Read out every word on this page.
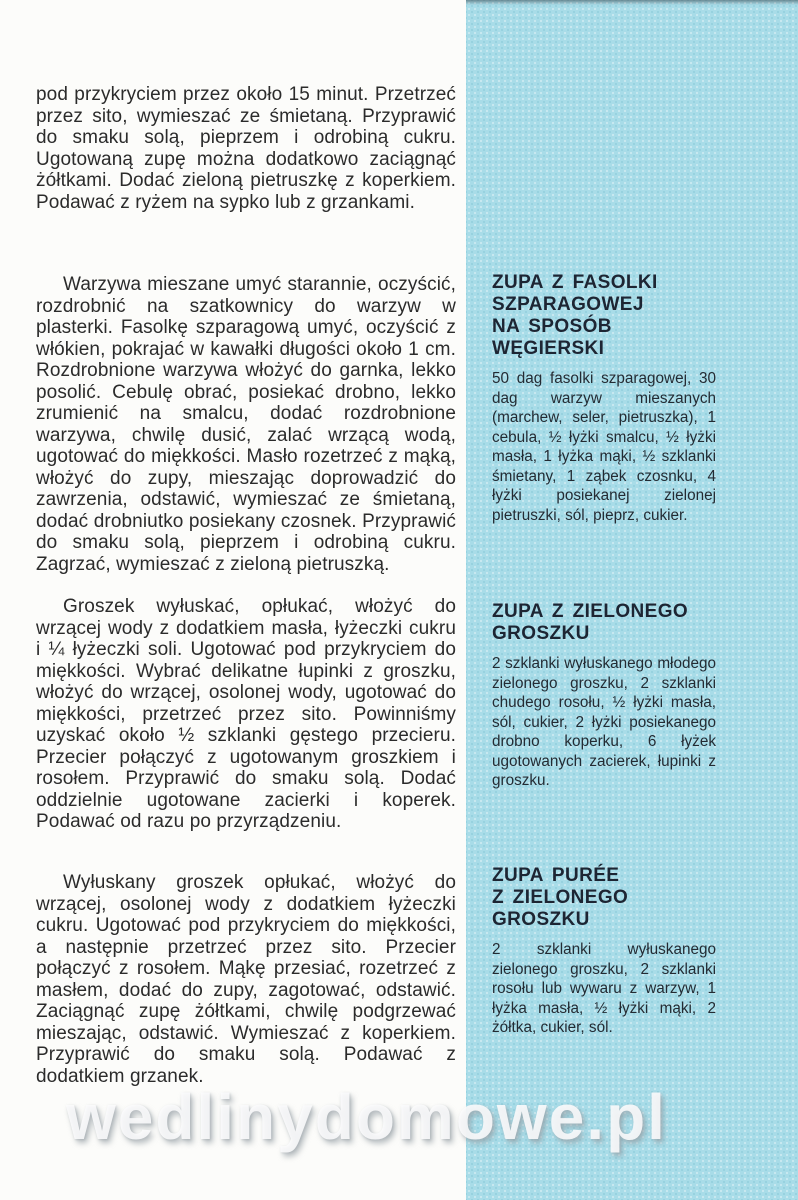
ZUPA Z FASOLKI
SZPARAGOWEJ
NA SPOSÓB
WĘGIERSKI
50 dag fasolki szparagowej, 30 dag warzyw mieszanych (marchew, seler, pietruszka), 1 cebula, ½ łyżki smalcu, ½ łyżki masła, 1 łyżka mąki, ½ szklanki śmietany, 1 ząbek czosnku, 4 łyżki posiekanej zielonej pietruszki, sól, pieprz, cukier.
ZUPA Z ZIELONEGO
GROSZKU
2 szklanki wyłuskanego młodego zielonego groszku, 2 szklanki chudego rosołu, ½ łyżki masła, sól, cukier, 2 łyżki posiekanego drobno koperku, 6 łyżek ugotowanych zacierek, łupinki z groszku.
ZUPA PURÉE
Z ZIELONEGO
GROSZKU
2 szklanki wyłuskanego zielonego groszku, 2 szklanki rosołu lub wywaru z warzyw, 1 łyżka masła, ½ łyżki mąki, 2 żółtka, cukier, sól.

pod przykryciem przez około 15 minut. Przetrzeć przez sito, wymieszać ze śmietaną. Przyprawić do smaku solą, pieprzem i odrobiną cukru. Ugotowaną zupę można dodatkowo zaciągnąć żółtkami. Dodać zieloną pietruszkę z koperkiem. Podawać z ryżem na sypko lub z grzankami.

Warzywa mieszane umyć starannie, oczyścić, rozdrobnić na szatkownicy do warzyw w plasterki. Fasolkę szparagową umyć, oczyścić z włókien, pokrajać w kawałki długości około 1 cm. Rozdrobnione warzywa włożyć do garnka, lekko posolić. Cebulę obrać, posiekać drobno, lekko zrumienić na smalcu, dodać rozdrobnione warzywa, chwilę dusić, zalać wrzącą wodą, ugotować do miękkości. Masło rozetrzeć z mąką, włożyć do zupy, mieszając doprowadzić do zawrzenia, odstawić, wymieszać ze śmietaną, dodać drobniutko posiekany czosnek. Przyprawić do smaku solą, pieprzem i odrobiną cukru. Zagrzać, wymieszać z zieloną pietruszką.

Groszek wyłuskać, opłukać, włożyć do wrzącej wody z dodatkiem masła, łyżeczki cukru i ¼ łyżeczki soli. Ugotować pod przykryciem do miękkości. Wybrać delikatne łupinki z groszku, włożyć do wrzącej, osolonej wody, ugotować do miękkości, przetrzeć przez sito. Powinniśmy uzyskać około ½ szklanki gęstego przecieru. Przecier połączyć z ugotowanym groszkiem i rosołem. Przyprawić do smaku solą. Dodać oddzielnie ugotowane zacierki i koperek. Podawać od razu po przyrządzeniu.

Wyłuskany groszek opłukać, włożyć do wrzącej, osolonej wody z dodatkiem łyżeczki cukru. Ugotować pod przykryciem do miękkości, a następnie przetrzeć przez sito. Przecier połączyć z rosołem. Mąkę przesiać, rozetrzeć z masłem, dodać do zupy, zagotować, odstawić. Zaciągnąć zupę żółtkami, chwilę podgrzewać mieszając, odstawić. Wymieszać z koperkiem. Przyprawić do smaku solą. Podawać z dodatkiem grzanek.

wedlinydomowe.pl
